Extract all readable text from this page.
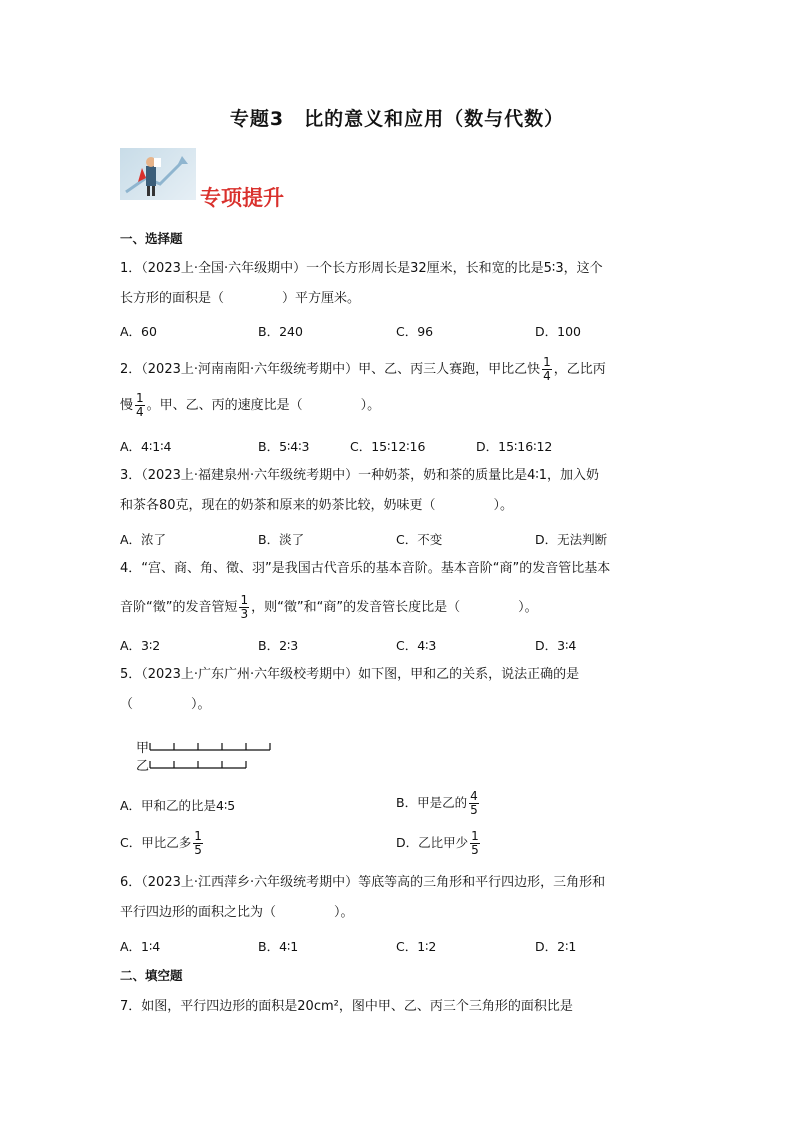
专题3　比的意义和应用（数与代数）
专项提升
一、选择题
1．（2023上·全国·六年级期中）一个长方形周长是32厘米，长和宽的比是5∶3，这个
长方形的面积是（	）平方厘米。
A．60	B．240	C．96	D．100
2．（2023上·河南南阳·六年级统考期中）甲、乙、丙三人赛跑，甲比乙快 $\frac{1}{4}$ ，乙比丙
慢 $\frac{1}{4}$ 。甲、乙、丙的速度比是（	）。
A．4∶1∶4	B．5∶4∶3	C．15∶12∶16	D．15∶16∶12
3．（2023上·福建泉州·六年级统考期中）一种奶茶，奶和茶的质量比是4∶1，加入奶
和茶各80克，现在的奶茶和原来的奶茶比较，奶味更（	）。
A．浓了	B．淡了	C．不变	D．无法判断
4．“宫、商、角、徵、羽”是我国古代音乐的基本音阶。基本音阶“商”的发音管比基本
音阶“徵”的发音管短 $\frac{1}{3}$ ，则“徵”和“商”的发音管长度比是（	）。
A．3∶2	B．2∶3	C．4∶3	D．3∶4
5．（2023上·广东广州·六年级校考期中）如下图，甲和乙的关系，说法正确的是
（	）。
甲
乙
A．甲和乙的比是4∶5	B．甲是乙的 $\frac{4}{5}$
C．甲比乙多 $\frac{1}{5}$	D．乙比甲少 $\frac{1}{5}$
6．（2023上·江西萍乡·六年级统考期中）等底等高的三角形和平行四边形，三角形和
平行四边形的面积之比为（	）。
A．1∶4	B．4∶1	C．1∶2	D．2∶1
二、填空题
7．如图，平行四边形的面积是20cm²，图中甲、乙、丙三个三角形的面积比是
